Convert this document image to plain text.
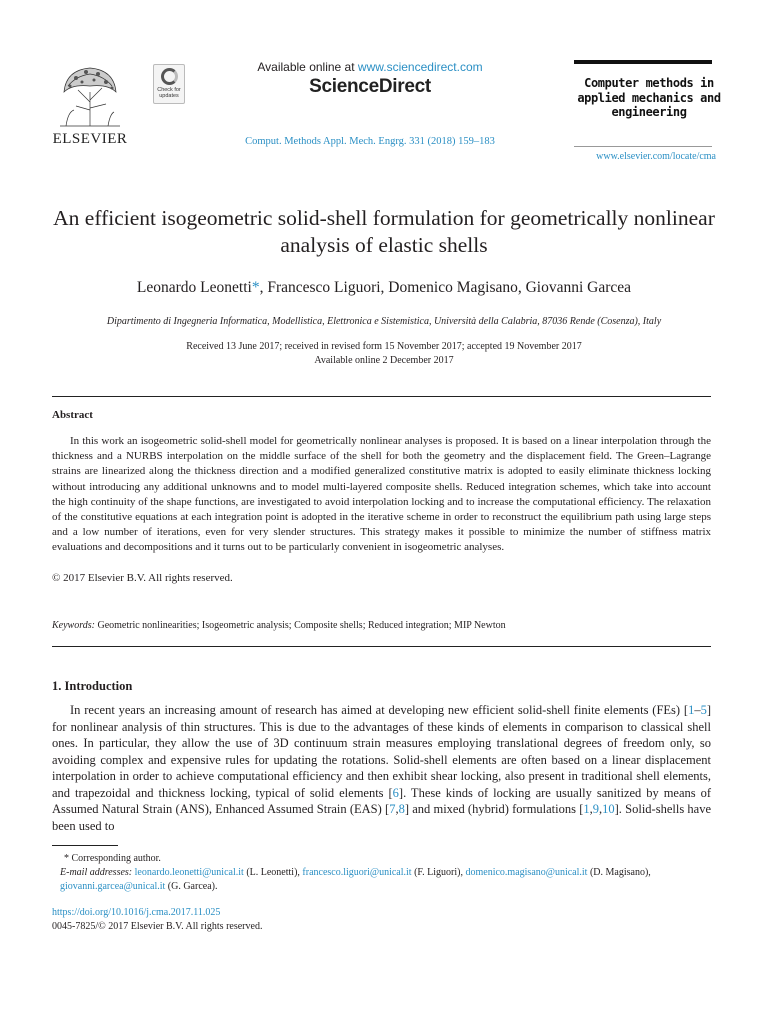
ELSEVIER
Check for updates
Available online at www.sciencedirect.com
ScienceDirect
Comput. Methods Appl. Mech. Engrg. 331 (2018) 159–183
Computer methods in applied mechanics and engineering
www.elsevier.com/locate/cma
An efficient isogeometric solid-shell formulation for geometrically nonlinear analysis of elastic shells
Leonardo Leonetti*, Francesco Liguori, Domenico Magisano, Giovanni Garcea
Dipartimento di Ingegneria Informatica, Modellistica, Elettronica e Sistemistica, Università della Calabria, 87036 Rende (Cosenza), Italy
Received 13 June 2017; received in revised form 15 November 2017; accepted 19 November 2017
Available online 2 December 2017
Abstract
In this work an isogeometric solid-shell model for geometrically nonlinear analyses is proposed. It is based on a linear interpolation through the thickness and a NURBS interpolation on the middle surface of the shell for both the geometry and the displacement field. The Green–Lagrange strains are linearized along the thickness direction and a modified generalized constitutive matrix is adopted to easily eliminate thickness locking without introducing any additional unknowns and to model multi-layered composite shells. Reduced integration schemes, which take into account the high continuity of the shape functions, are investigated to avoid interpolation locking and to increase the computational efficiency. The relaxation of the constitutive equations at each integration point is adopted in the iterative scheme in order to reconstruct the equilibrium path using large steps and a low number of iterations, even for very slender structures. This strategy makes it possible to minimize the number of stiffness matrix evaluations and decompositions and it turns out to be particularly convenient in isogeometric analyses.
© 2017 Elsevier B.V. All rights reserved.
Keywords: Geometric nonlinearities; Isogeometric analysis; Composite shells; Reduced integration; MIP Newton
1. Introduction
In recent years an increasing amount of research has aimed at developing new efficient solid-shell finite elements (FEs) [1–5] for nonlinear analysis of thin structures. This is due to the advantages of these kinds of elements in comparison to classical shell ones. In particular, they allow the use of 3D continuum strain measures employing translational degrees of freedom only, so avoiding complex and expensive rules for updating the rotations. Solid-shell elements are often based on a linear displacement interpolation in order to achieve computational efficiency and then exhibit shear locking, also present in traditional shell elements, and trapezoidal and thickness locking, typical of solid elements [6]. These kinds of locking are usually sanitized by means of Assumed Natural Strain (ANS), Enhanced Assumed Strain (EAS) [7,8] and mixed (hybrid) formulations [1,9,10]. Solid-shells have been used to
* Corresponding author.
E-mail addresses: leonardo.leonetti@unical.it (L. Leonetti), francesco.liguori@unical.it (F. Liguori), domenico.magisano@unical.it (D. Magisano), giovanni.garcea@unical.it (G. Garcea).
https://doi.org/10.1016/j.cma.2017.11.025
0045-7825/© 2017 Elsevier B.V. All rights reserved.
